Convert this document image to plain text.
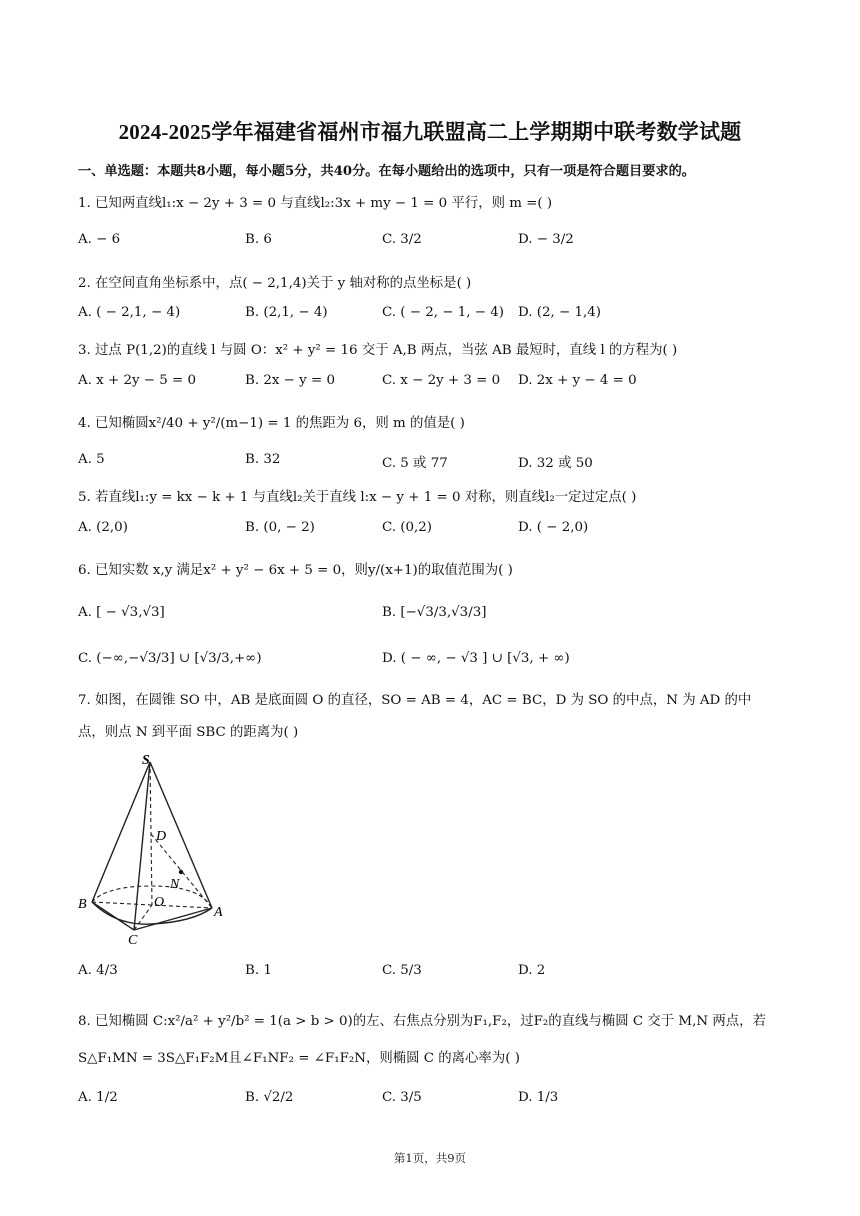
2024-2025学年福建省福州市福九联盟高二上学期期中联考数学试题
一、单选题：本题共8小题，每小题5分，共40分。在每小题给出的选项中，只有一项是符合题目要求的。
1. 已知两直线l₁:x − 2y + 3 = 0 与直线l₂:3x + my − 1 = 0 平行，则 m =( )
A. − 6	B. 6	C. 3/2	D. − 3/2
2. 在空间直角坐标系中，点( − 2,1,4)关于 y 轴对称的点坐标是( )
A. ( − 2,1, − 4)	B. (2,1, − 4)	C. ( − 2, − 1, − 4) D. (2, − 1,4)
3. 过点 P(1,2)的直线 l 与圆 O：x² + y² = 16 交于 A,B 两点，当弦 AB 最短时，直线 l 的方程为( )
A. x + 2y − 5 = 0	B. 2x − y = 0	C. x − 2y + 3 = 0 D. 2x + y − 4 = 0
4. 已知椭圆x²/40 + y²/(m−1) = 1 的焦距为 6，则 m 的值是( )
A. 5	B. 32	C. 5 或 77	D. 32 或 50
5. 若直线l₁:y = kx − k + 1 与直线l₂关于直线 l:x − y + 1 = 0 对称，则直线l₂一定过定点( )
A. (2,0)	B. (0, − 2)	C. (0,2)	D. ( − 2,0)
6. 已知实数 x,y 满足x² + y² − 6x + 5 = 0，则y/(x+1)的取值范围为( )
A. [ − √3,√3]	B. [−√3/3,√3/3]
C. (−∞,−√3/3] ∪ [√3/3,+∞)	D. ( − ∞, − √3 ] ∪ [√3, + ∞)
7. 如图，在圆锥 SO 中，AB 是底面圆 O 的直径，SO = AB = 4，AC = BC，D 为 SO 的中点，N 为 AD 的中
点，则点 N 到平面 SBC 的距离为( )
S
D
N
O
B
C
A
A. 4/3	B. 1	C. 5/3	D. 2
8. 已知椭圆 C:x²/a² + y²/b² = 1(a > b > 0)的左、右焦点分别为F₁,F₂，过F₂的直线与椭圆 C 交于 M,N 两点，若
S△F₁MN = 3S△F₁F₂M且∠F₁NF₂ = ∠F₁F₂N，则椭圆 C 的离心率为( )
A. 1/2	B. √2/2	C. 3/5	D. 1/3
第1页，共9页
